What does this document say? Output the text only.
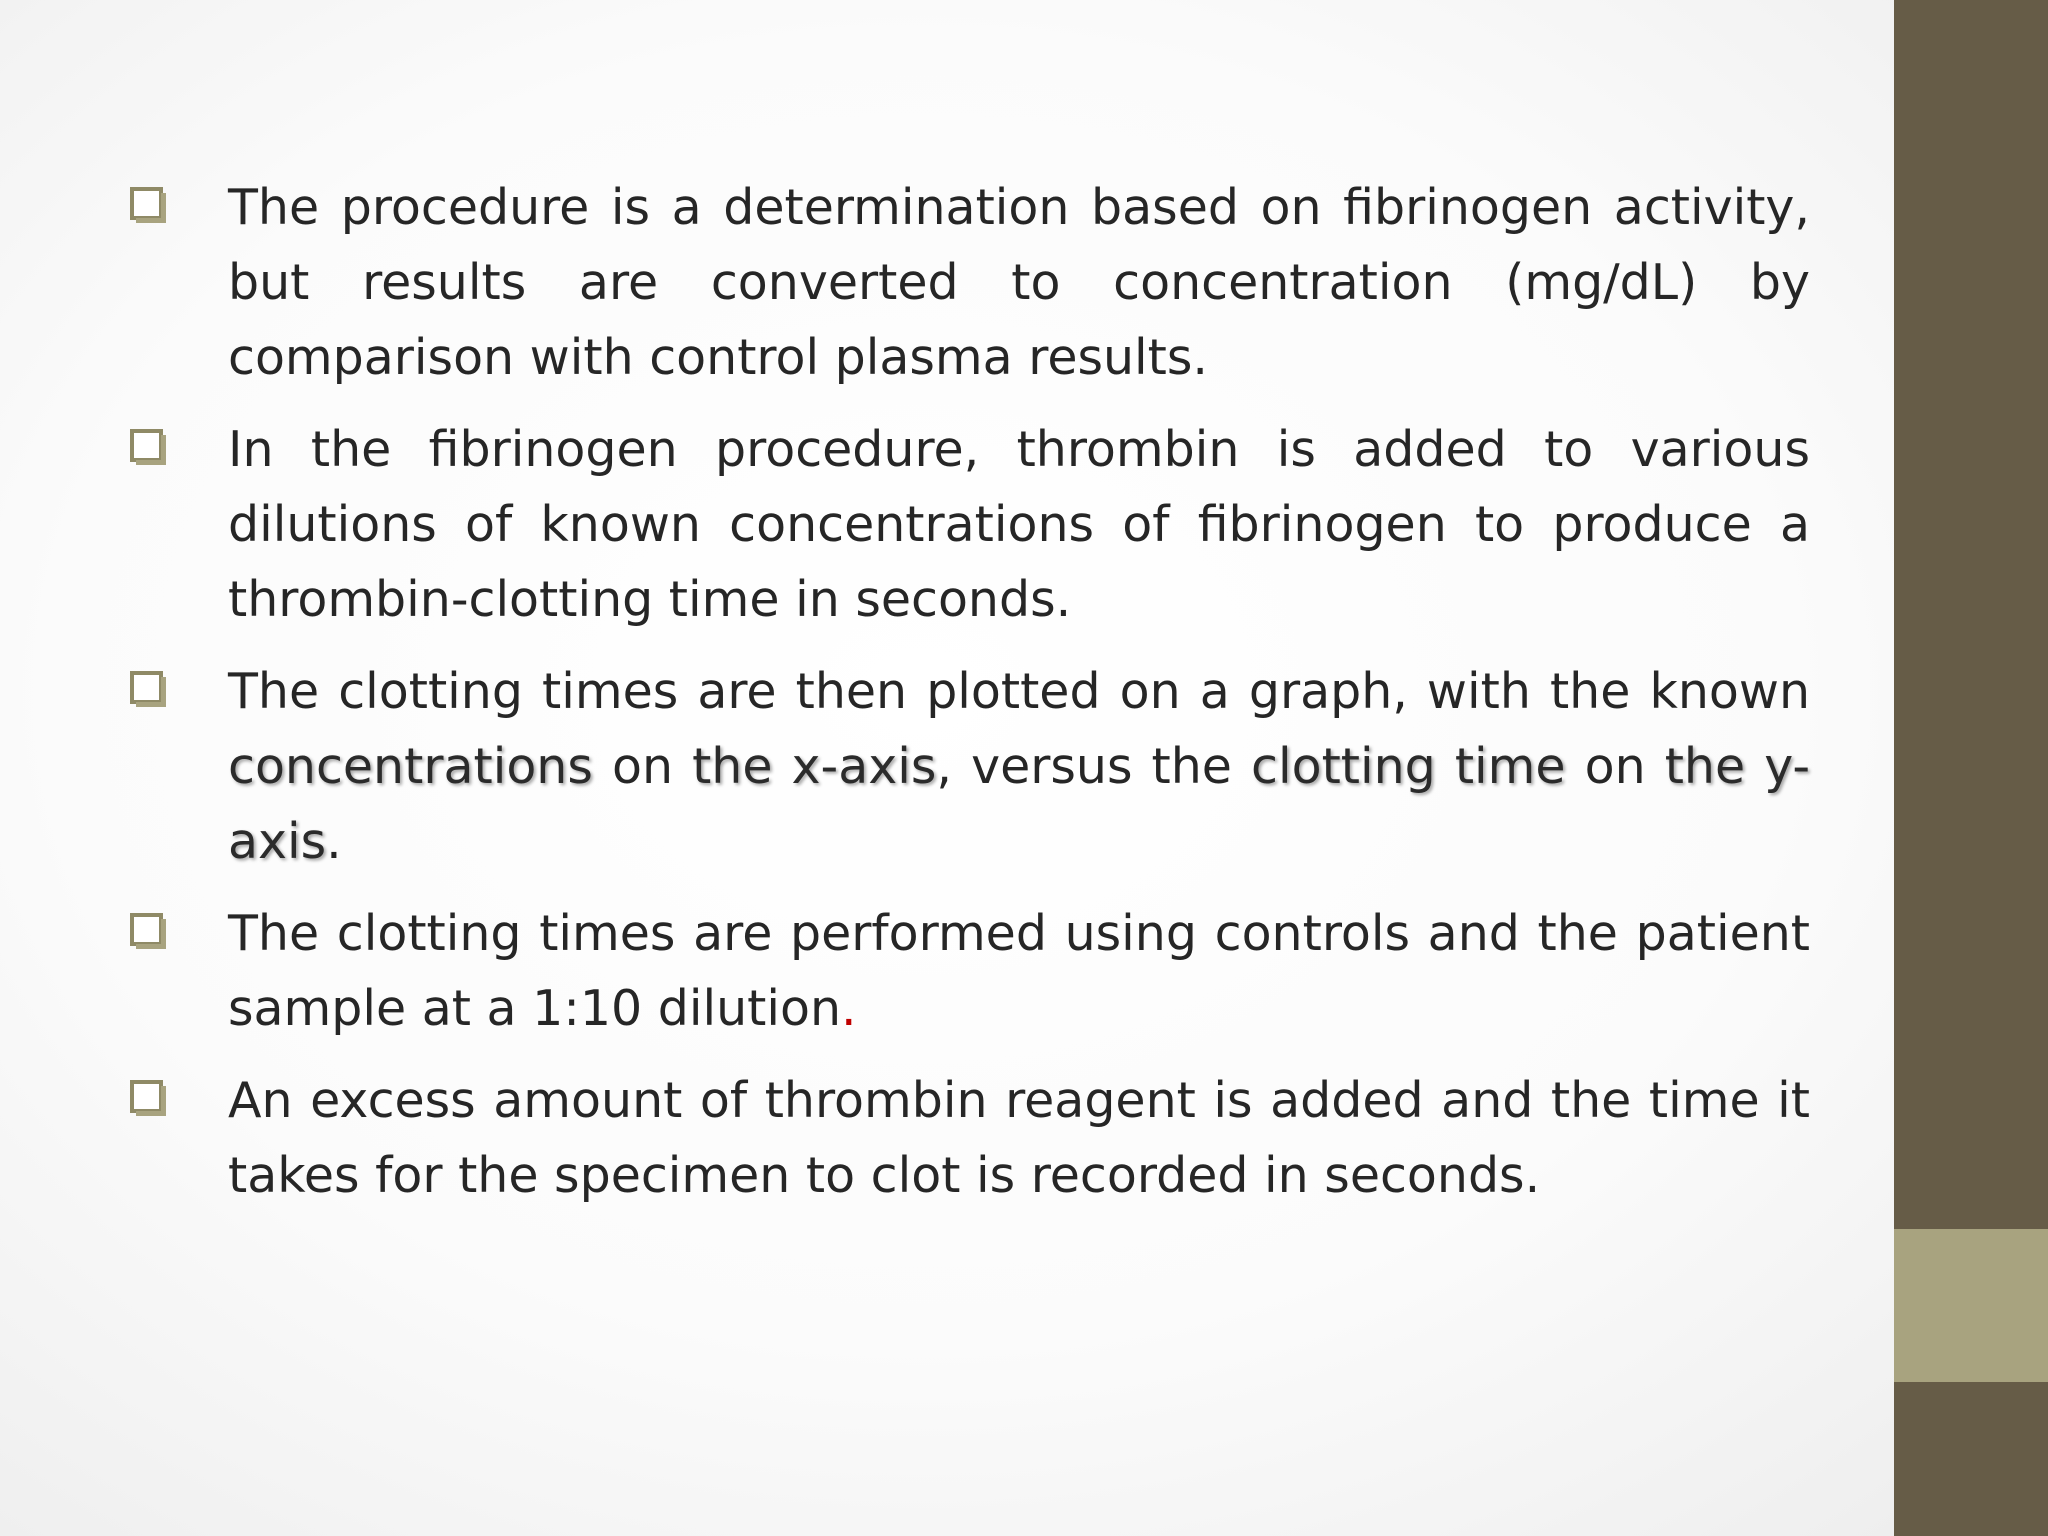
The procedure is a determination based on fibrinogen activity, but results are converted to concentration (mg/dL) by comparison with control plasma results.
In the fibrinogen procedure, thrombin is added to various dilutions of known concentrations of fibrinogen to produce a thrombin-clotting time in seconds.
The clotting times are then plotted on a graph, with the known concentrations on the x-axis, versus the clotting time on the y-axis.
The clotting times are performed using controls and the patient sample at a 1:10 dilution.
An excess amount of thrombin reagent is added and the time it takes for the specimen to clot is recorded in seconds.
